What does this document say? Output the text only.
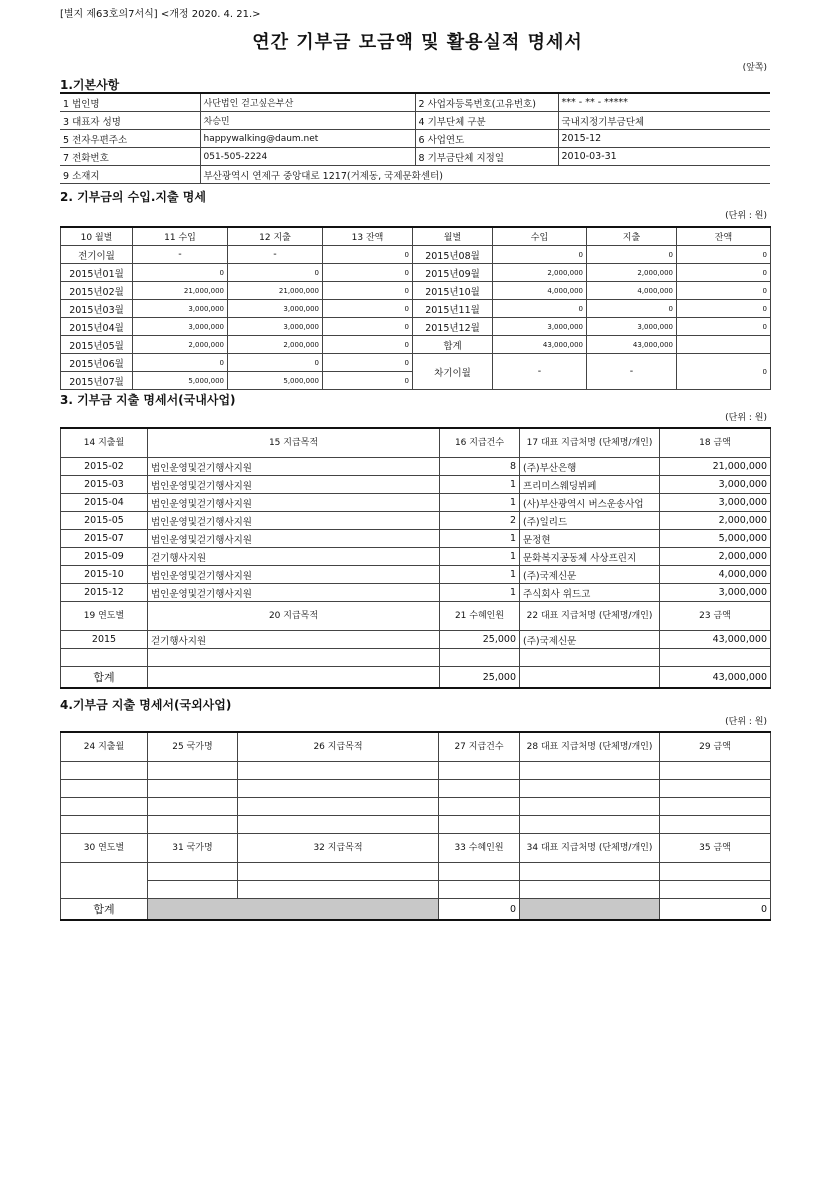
[별지 제63호의7서식] <개정 2020. 4. 21.>
연간 기부금 모금액 및 활용실적 명세서
(앞쪽)
1.기본사항
1 법인명	사단법인 걷고싶은부산	2 사업자등록번호(고유번호)	*** - ** - *****
3 대표자 성명	차승민	4 기부단체 구분	국내지정기부금단체
5 전자우편주소	happywalking@daum.net	6 사업연도	2015-12
7 전화번호	051-505-2224	8 기부금단체 지정일	2010-03-31
9 소재지	부산광역시 연제구 중앙대로 1217(거제동, 국제문화센터)		
2. 기부금의 수입.지출 명세
(단위 : 원)
10 월별	11 수입	12 지출	13 잔액	월별	수입	지출	잔액
전기이월	-	-	0	2015년08월	0	0	0
2015년01월	0	0	0	2015년09월	2,000,000	2,000,000	0
2015년02월	21,000,000	21,000,000	0	2015년10월	4,000,000	4,000,000	0
2015년03월	3,000,000	3,000,000	0	2015년11월	0	0	0
2015년04월	3,000,000	3,000,000	0	2015년12월	3,000,000	3,000,000	0
2015년05월	2,000,000	2,000,000	0	합계	43,000,000	43,000,000	
2015년06월	0	0	0	차기이월	-	-	0
2015년07월	5,000,000	5,000,000	0				
3. 기부금 지출 명세서(국내사업)
(단위 : 원)
14 지출월	15 지급목적	16 지급건수	17 대표 지급처명 (단체명/개인)	18 금액
2015-02	법인운영및걷기행사지원	8	(주)부산은행	21,000,000
2015-03	법인운영및걷기행사지원	1	프리미스웨딩뷔페	3,000,000
2015-04	법인운영및걷기행사지원	1	(사)부산광역시 버스운송사업	3,000,000
2015-05	법인운영및걷기행사지원	2	(주)일리드	2,000,000
2015-07	법인운영및걷기행사지원	1	문정현	5,000,000
2015-09	걷기행사지원	1	문화복지공동체 사상프린지	2,000,000
2015-10	법인운영및걷기행사지원	1	(주)국제신문	4,000,000
2015-12	법인운영및걷기행사지원	1	주식회사 위드고	3,000,000
19 연도별	20 지급목적	21 수혜인원	22 대표 지급처명 (단체명/개인)	23 금액
2015	걷기행사지원	25,000	(주)국제신문	43,000,000

합계		25,000		43,000,000
4.기부금 지출 명세서(국외사업)
(단위 : 원)
24 지출월	25 국가명	26 지급목적	27 지급건수	28 대표 지급처명 (단체명/개인)	29 금액

30 연도별	31 국가명	32 지급목적	33 수혜인원	34 대표 지급처명 (단체명/개인)	35 금액

합계			0		0
